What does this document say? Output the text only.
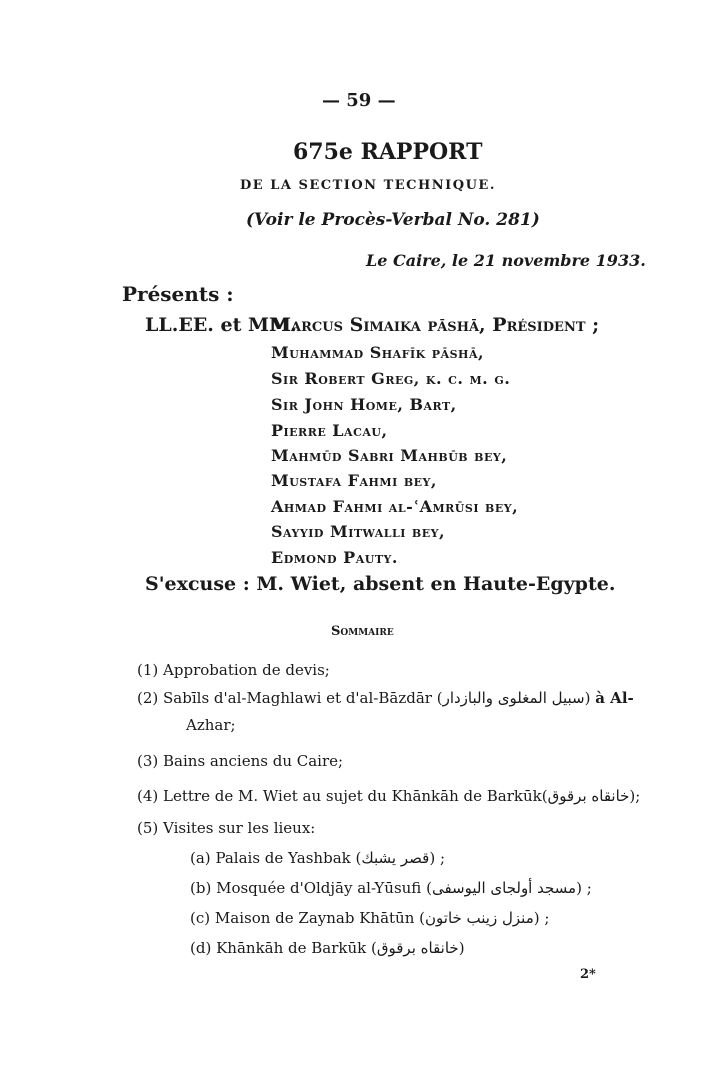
— 59 —
675e RAPPORT
DE LA SECTION TECHNIQUE.
(Voir le Procès-Verbal No. 281)
Le Caire, le 21 novembre 1933.
Présents :
LL.EE. et MM.
Marcus Simaika pāshā, Président ;
Muhammad Shafīk pāshā,
Sir Robert Greg, k. c. m. g.
Sir John Home, Bart,
Pierre Lacau,
Mahmūd Sabri Mahbūb bey,
Mustafa Fahmi bey,
Ahmad Fahmi al-ʿAmrūsi bey,
Sayyid Mitwalli bey,
Edmond Pauty.
S'excuse : M. Wiet, absent en Haute-Egypte.
Sommaire
(1) Approbation de devis;
(2) Sabīls d'al-Maghlawi et d'al-Bāzdār (سبيل المغلوى والبازدار) à Al-
Azhar;
(3) Bains anciens du Caire;
(4) Lettre de M. Wiet au sujet du Khānkāh de Barkūk(خانقاه برقوق);
(5) Visites sur les lieux:
(a) Palais de Yashbak (قصر يشبك) ;
(b) Mosquée d'Oldjāy al-Yūsufi (مسجد أولجاى اليوسفى) ;
(c) Maison de Zaynab Khātūn (منزل زينب خاتون) ;
(d) Khānkāh de Barkūk (خانقاه برقوق)
2*
